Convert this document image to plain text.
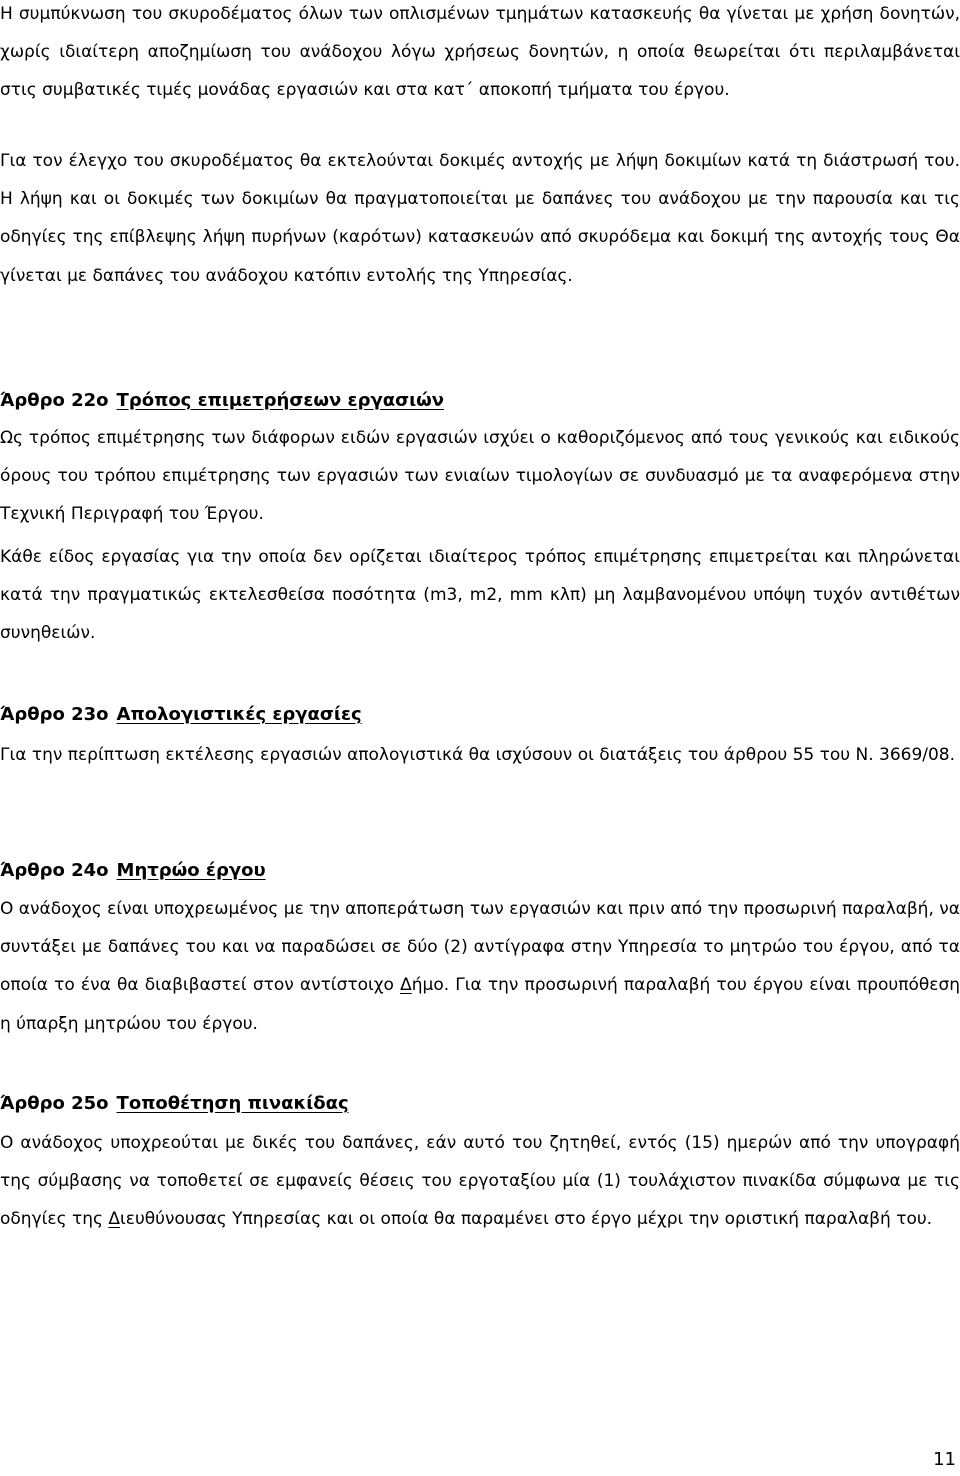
Η συμπύκνωση του σκυροδέματος όλων των οπλισμένων τμημάτων κατασκευής θα γίνεται με χρήση δονητών, χωρίς ιδιαίτερη αποζημίωση του ανάδοχου λόγω χρήσεως δονητών, η οποία θεωρείται ότι περιλαμβάνεται στις συμβατικές τιμές μονάδας εργασιών και στα κατ΄ αποκοπή τμήματα του έργου.
Για τον έλεγχο του σκυροδέματος θα εκτελούνται δοκιμές αντοχής με λήψη δοκιμίων κατά τη διάστρωσή του. Η λήψη και οι δοκιμές των δοκιμίων θα πραγματοποιείται με δαπάνες του ανάδοχου με την παρουσία και τις οδηγίες της επίβλεψης λήψη πυρήνων (καρότων) κατασκευών από σκυρόδεμα και δοκιμή της αντοχής τους Θα γίνεται με δαπάνες του ανάδοχου κατόπιν εντολής της Υπηρεσίας.
Άρθρο 22ο Τρόπος επιμετρήσεων εργασιών
Ως τρόπος επιμέτρησης των διάφορων ειδών εργασιών ισχύει ο καθοριζόμενος από τους γενικούς και ειδικούς όρους του τρόπου επιμέτρησης των εργασιών των ενιαίων τιμολογίων σε συνδυασμό με τα αναφερόμενα στην Τεχνική Περιγραφή του Έργου.
Κάθε είδος εργασίας για την οποία δεν ορίζεται ιδιαίτερος τρόπος επιμέτρησης επιμετρείται και πληρώνεται κατά την πραγματικώς εκτελεσθείσα ποσότητα (m3, m2, mm κλπ) μη λαμβανομένου υπόψη τυχόν αντιθέτων συνηθειών.
Άρθρο 23ο Απολογιστικές εργασίες
Για την περίπτωση εκτέλεσης εργασιών απολογιστικά θα ισχύσουν οι διατάξεις του άρθρου 55 του Ν. 3669/08.
Άρθρο 24ο Μητρώο έργου
Ο ανάδοχος είναι υποχρεωμένος με την αποπεράτωση των εργασιών και πριν από την προσωρινή παραλαβή, να συντάξει με δαπάνες του και να παραδώσει σε δύο (2) αντίγραφα στην Υπηρεσία το μητρώο του έργου, από τα οποία το ένα θα διαβιβαστεί στον αντίστοιχο Δήμο. Για την προσωρινή παραλαβή του έργου είναι προυπόθεση η ύπαρξη μητρώου του έργου.
Άρθρο 25ο Τοποθέτηση πινακίδας
Ο ανάδοχος υποχρεούται με δικές του δαπάνες, εάν αυτό του ζητηθεί, εντός (15) ημερών από την υπογραφή της σύμβασης να τοποθετεί σε εμφανείς θέσεις του εργοταξίου μία (1) τουλάχιστον πινακίδα σύμφωνα με τις οδηγίες της Διευθύνουσας Υπηρεσίας και οι οποία θα παραμένει στο έργο μέχρι την οριστική παραλαβή του.
11
